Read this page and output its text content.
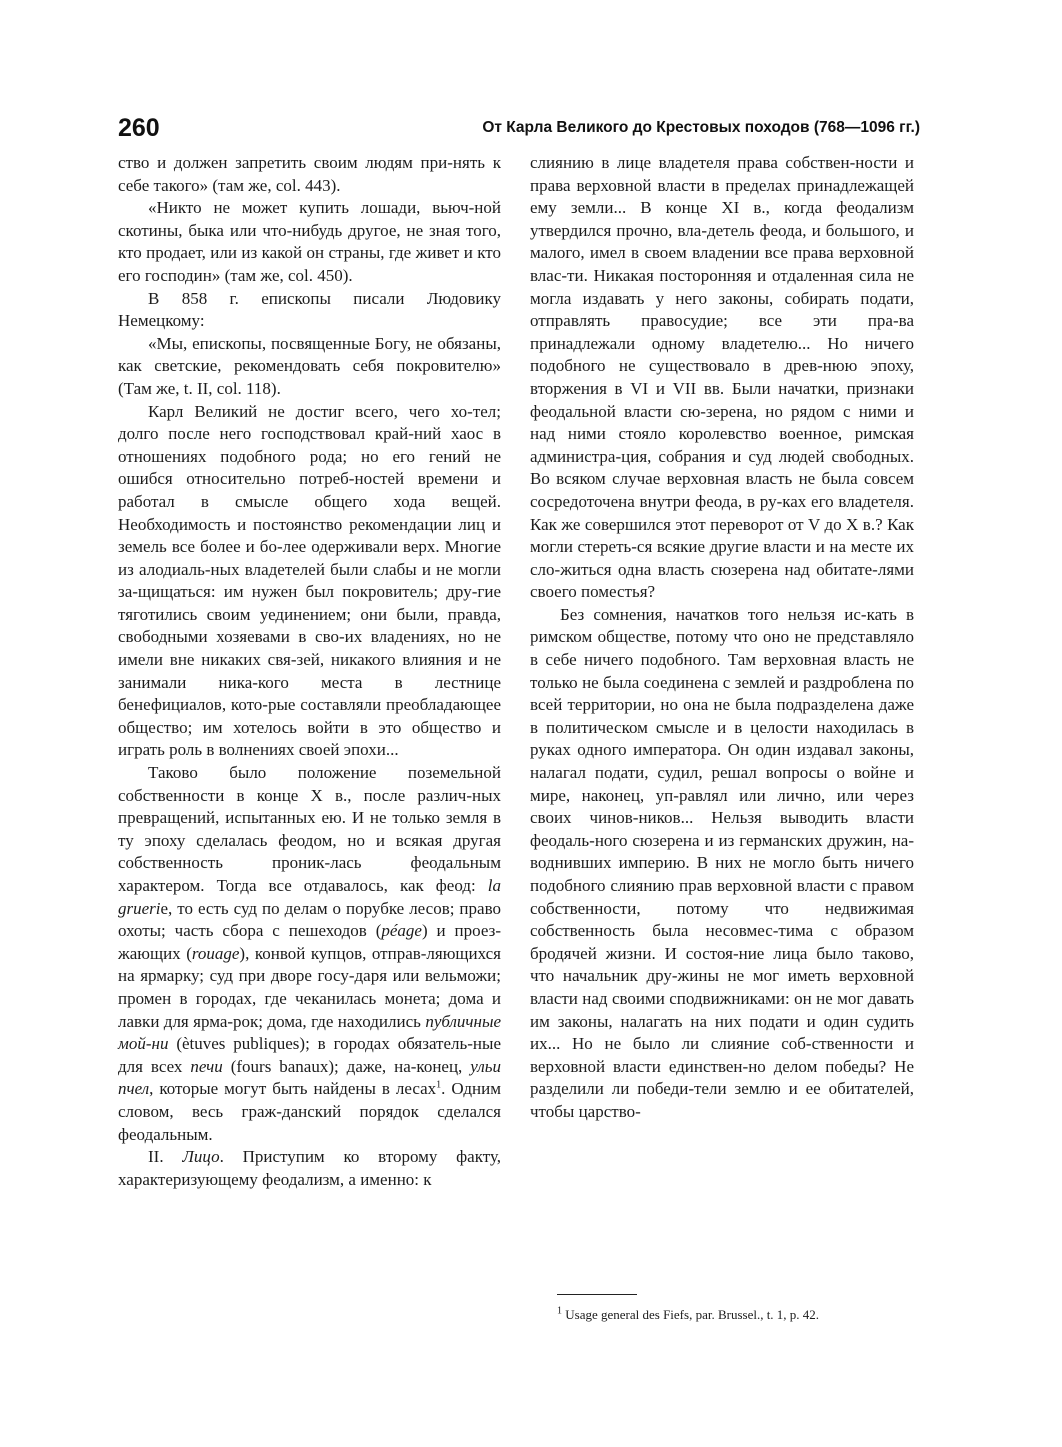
260	От Карла Великого до Крестовых походов (768—1096 гг.)

ство и должен запретить своим людям при-нять к себе такого» (там же, col. 443).

«Никто не может купить лошади, вьюч-ной скотины, быка или что-нибудь другое, не зная того, кто продает, или из какой он страны, где живет и кто его господин» (там же, col. 450).

В 858 г. епископы писали Людовику Немецкому:

«Мы, епископы, посвященные Богу, не обязаны, как светские, рекомендовать себя покровителю» (Там же, t. II, col. 118).

Карл Великий не достиг всего, чего хо-тел; долго после него господствовал край-ний хаос в отношениях подобного рода; но его гений не ошибся относительно потреб-ностей времени и работал в смысле общего хода вещей. Необходимость и постоянство рекомендации лиц и земель все более и бо-лее одерживали верх. Многие из алодиаль-ных владетелей были слабы и не могли за-щищаться: им нужен был покровитель; дру-гие тяготились своим уединением; они были, правда, свободными хозяевами в сво-их владениях, но не имели вне никаких свя-зей, никакого влияния и не занимали ника-кого места в лестнице бенефициалов, кото-рые составляли преобладающее общество; им хотелось войти в это общество и играть роль в волнениях своей эпохи...

Таково было положение поземельной собственности в конце X в., после различ-ных превращений, испытанных ею. И не только земля в ту эпоху сделалась феодом, но и всякая другая собственность проник-лась феодальным характером. Тогда все отдавалось, как феод: la grueriе, то есть суд по делам о порубке лесов; право охоты; часть сбора с пешеходов (péage) и проез-жающих (rouage), конвой купцов, отправ-ляющихся на ярмарку; суд при дворе госу-даря или вельможи; промен в городах, где чеканилась монета; дома и лавки для ярма-рок; дома, где находились публичные мой-ни (ètuves publiques); в городах обязатель-ные для всех печи (fours banaux); даже, на-конец, ульи пчел, которые могут быть найдены в лесах$^1$. Одним словом, весь граж-данский порядок сделался феодальным.

II. Лицо. Приступим ко второму факту, характеризующему феодализм, а именно: к

слиянию в лице владетеля права собствен-ности и права верховной власти в пределах принадлежащей ему земли... В конце XI в., когда феодализм утвердился прочно, вла-детель феода, и большого, и малого, имел в своем владении все права верховной влас-ти. Никакая посторонняя и отдаленная сила не могла издавать у него законы, собирать подати, отправлять правосудие; все эти пра-ва принадлежали одному владетелю... Но ничего подобного не существовало в древ-нюю эпоху, вторжения в VI и VII вв. Были начатки, признаки феодальной власти сю-зерена, но рядом с ними и над ними стояло королевство военное, римская администра-ция, собрания и суд людей свободных. Во всяком случае верховная власть не была совсем сосредоточена внутри феода, в ру-ках его владетеля. Как же совершился этот переворот от V до X в.? Как могли стереть-ся всякие другие власти и на месте их сло-житься одна власть сюзерена над обитате-лями своего поместья?

Без сомнения, начатков того нельзя ис-кать в римском обществе, потому что оно не представляло в себе ничего подобного. Там верховная власть не только не была соединена с землей и раздроблена по всей территории, но она не была подразделена даже в политическом смысле и в целости находилась в руках одного императора. Он один издавал законы, налагал подати, судил, решал вопросы о войне и мире, наконец, уп-равлял или лично, или через своих чинов-ников... Нельзя выводить власти феодаль-ного сюзерена и из германских дружин, на-воднивших империю. В них не могло быть ничего подобного слиянию прав верховной власти с правом собственности, потому что недвижимая собственность была несовмес-тима с образом бродячей жизни. И состоя-ние лица было таково, что начальник дру-жины не мог иметь верховной власти над своими сподвижниками: он не мог давать им законы, налагать на них подати и один судить их... Но не было ли слияние соб-ственности и верховной власти единствен-но делом победы? Не разделили ли победи-тели землю и ее обитателей, чтобы царство-

$^1$ Usage general des Fiefs, par. Brussel., t. 1, p. 42.
